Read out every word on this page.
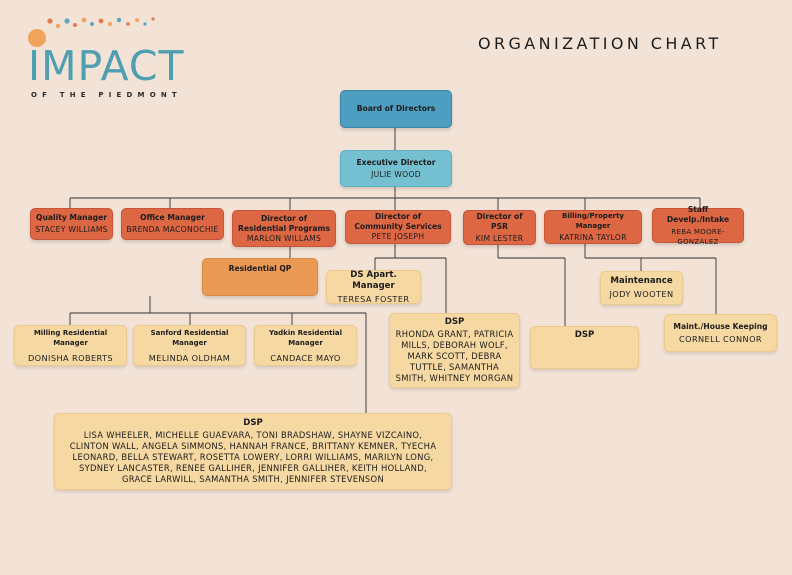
IMPACT
OF THE PIEDMONT
ORGANIZATION CHART
Board of Directors
Executive Director
JULIE WOOD
Quality Manager
STACEY WILLIAMS
Office Manager
BRENDA MACONOCHIE
Director of Residential Programs
MARLON WILLAMS
Director of Community Services
PETE JOSEPH
Director of PSR
KIM LESTER
Billing/Property Manager
KATRINA TAYLOR
Staff Develp./Intake
REBA MOORE-GONZALEZ
Residential QP
DS Apart. Manager
TERESA FOSTER
Maintenance
JODY WOOTEN
Milling Residential Manager
DONISHA ROBERTS
Sanford Residential Manager
MELINDA OLDHAM
Yadkin Residential Manager
CANDACE MAYO
DSP
RHONDA GRANT, PATRICIA MILLS, DEBORAH WOLF, MARK SCOTT, DEBRA TUTTLE, SAMANTHA SMITH, WHITNEY MORGAN
DSP
Maint./House Keeping
CORNELL CONNOR
DSP
LISA WHEELER, MICHELLE GUAEVARA, TONI BRADSHAW, SHAYNE VIZCAINO, CLINTON WALL, ANGELA SIMMONS, HANNAH FRANCE, BRITTANY KEMNER, TYECHA LEONARD, BELLA STEWART, ROSETTA LOWERY, LORRI WILLIAMS, MARILYN LONG, SYDNEY LANCASTER, RENEE GALLIHER, JENNIFER GALLIHER, KEITH HOLLAND, GRACE LARWILL, SAMANTHA SMITH, JENNIFER STEVENSON
